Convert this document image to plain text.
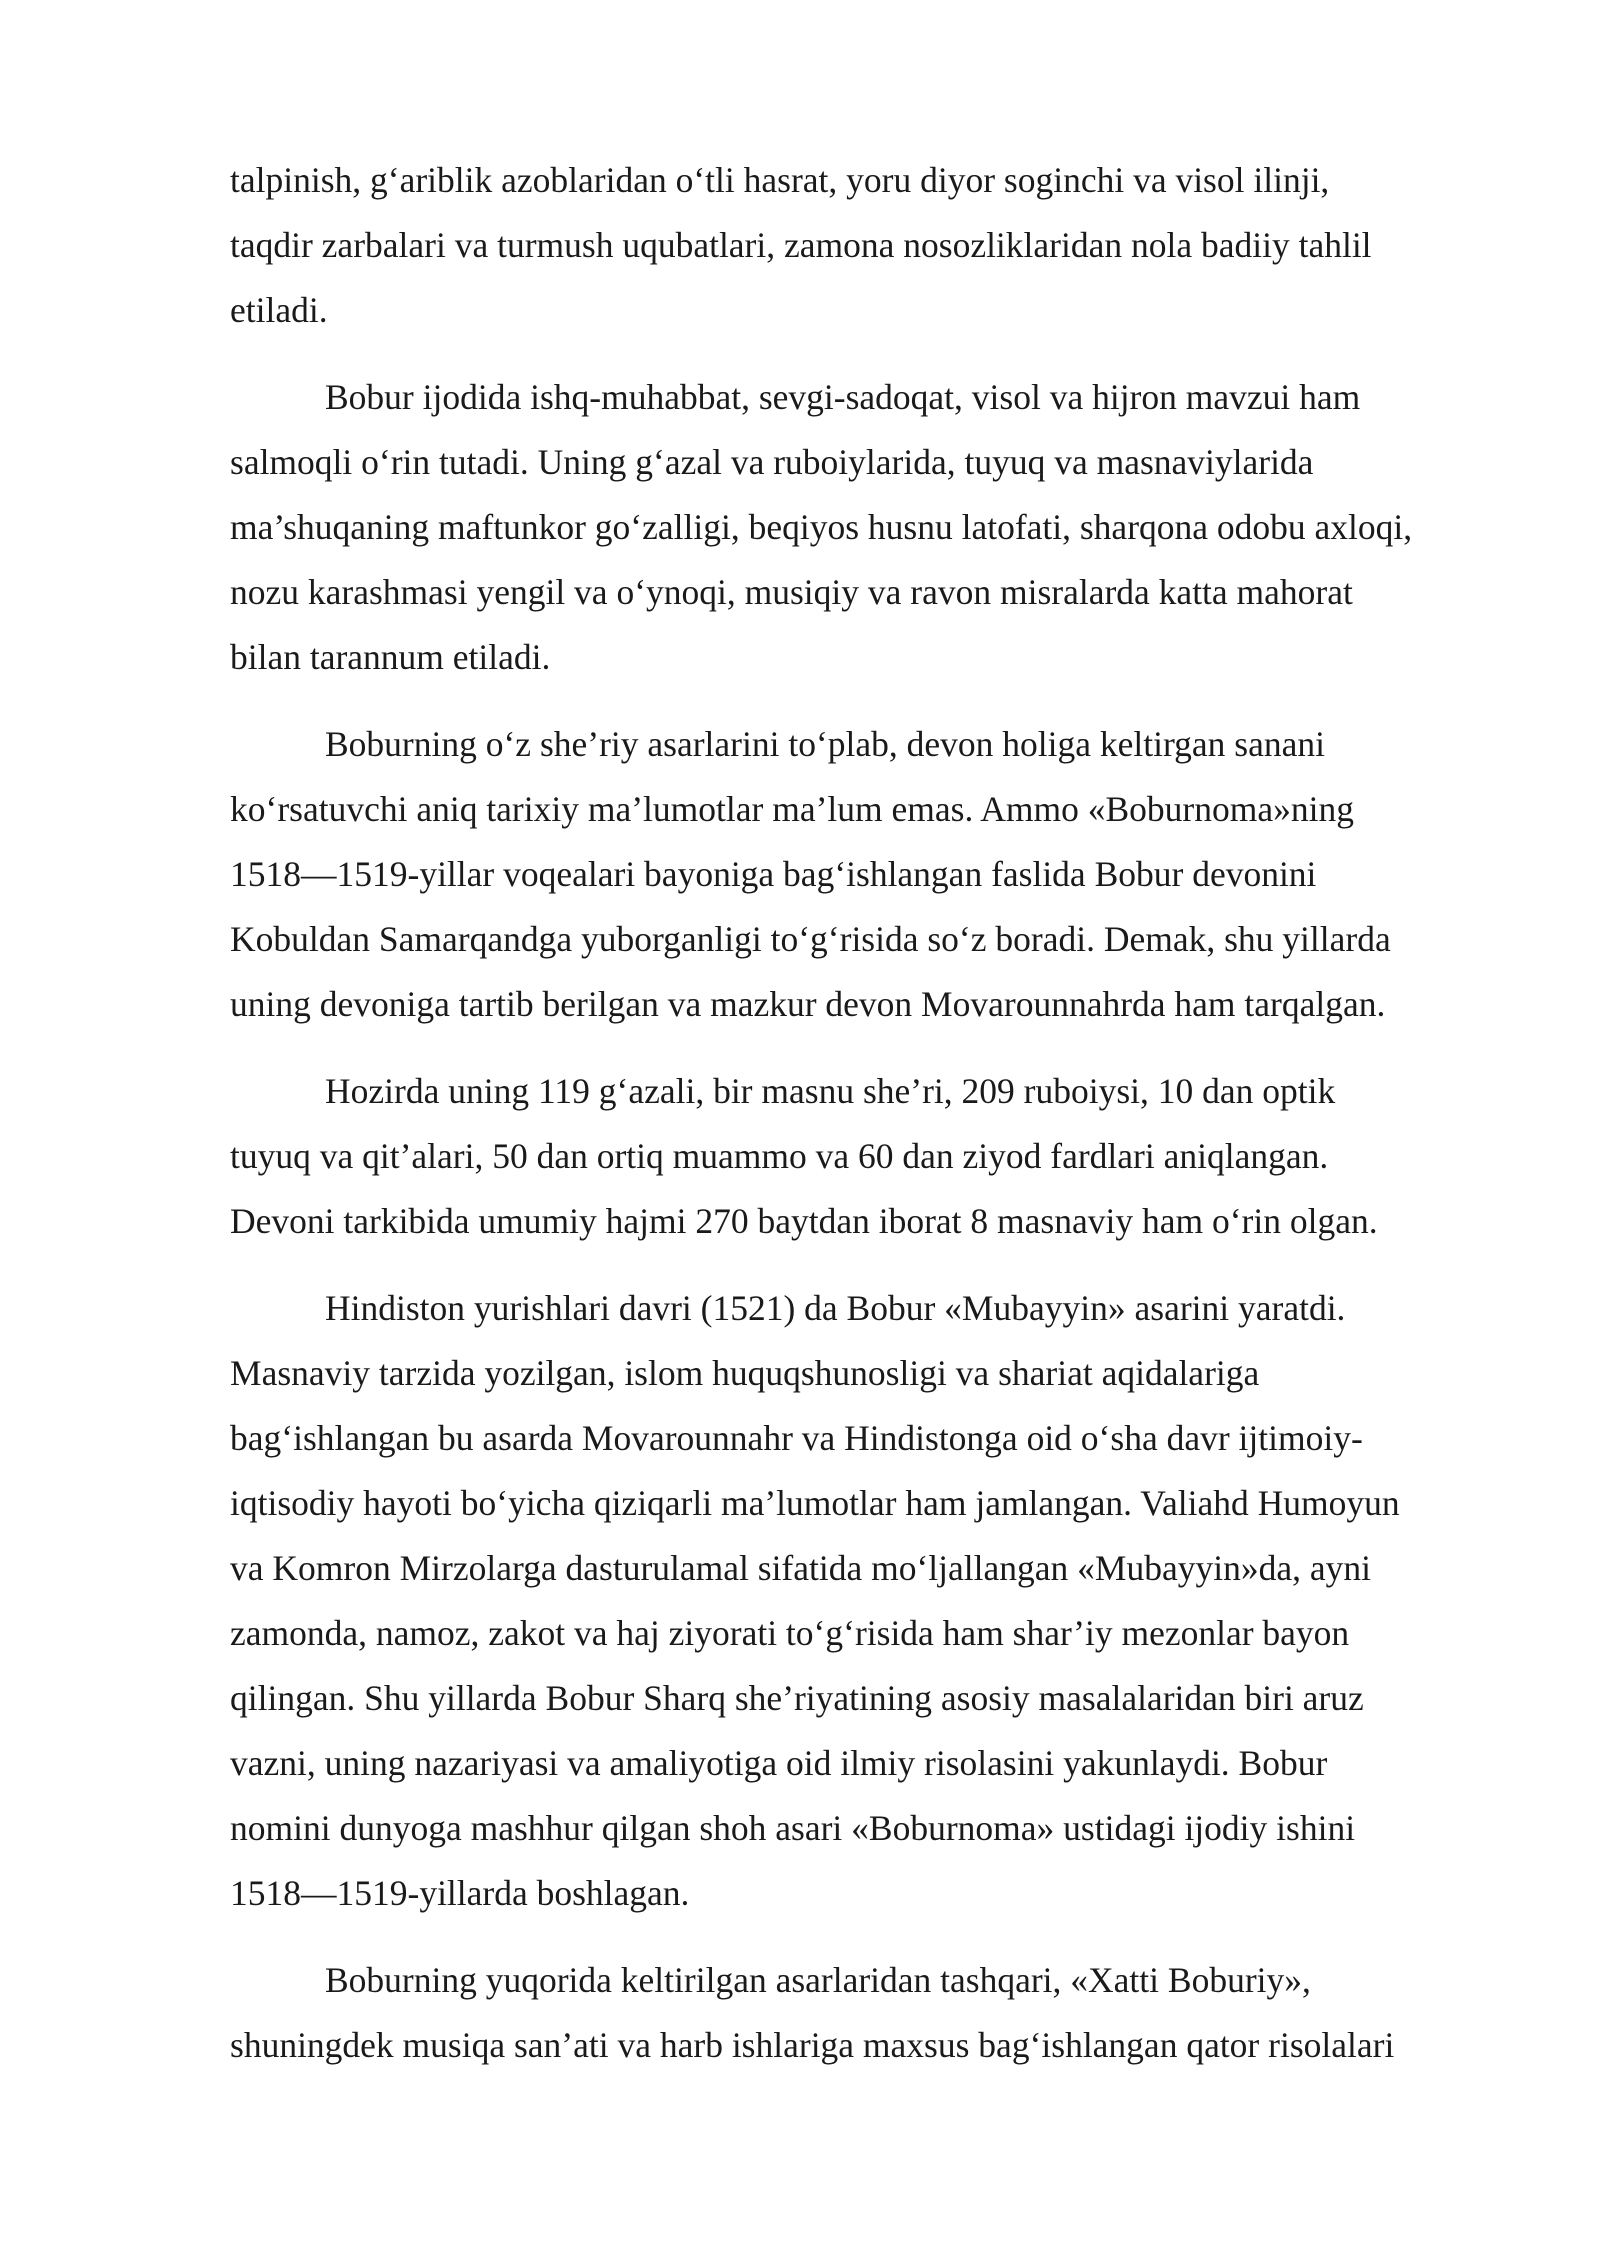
talpinish, g‘ariblik azoblaridan o‘tli hasrat, yoru diyor soginchi va visol ilinji,
taqdir zarbalari va turmush uqubatlari, zamona nosozliklaridan nola badiiy tahlil
etiladi.
Bobur ijodida ishq-muhabbat, sevgi-sadoqat, visol va hijron mavzui ham
salmoqli o‘rin tutadi. Uning g‘azal va ruboiylarida, tuyuq va masnaviylarida
ma’shuqaning maftunkor go‘zalligi, beqiyos husnu latofati, sharqona odobu axloqi,
nozu karashmasi yengil va o‘ynoqi, musiqiy va ravon misralarda katta mahorat
bilan tarannum etiladi.
Boburning o‘z she’riy asarlarini to‘plab, devon holiga keltirgan sanani
ko‘rsatuvchi aniq tarixiy ma’lumotlar ma’lum emas. Ammo «Boburnoma»ning
1518—1519-yillar voqealari bayoniga bag‘ishlangan faslida Bobur devonini
Kobuldan Samarqandga yuborganligi to‘g‘risida so‘z boradi. Demak, shu yillarda
uning devoniga tartib berilgan va mazkur devon Movarounnahrda ham tarqalgan.
Hozirda uning 119 g‘azali, bir masnu she’ri, 209 ruboiysi, 10 dan optik
tuyuq va qit’alari, 50 dan ortiq muammo va 60 dan ziyod fardlari aniqlangan.
Devoni tarkibida umumiy hajmi 270 baytdan iborat 8 masnaviy ham o‘rin olgan.
Hindiston yurishlari davri (1521) da Bobur «Mubayyin» asarini yaratdi.
Masnaviy tarzida yozilgan, islom huquqshunosligi va shariat aqidalariga
bag‘ishlangan bu asarda Movarounnahr va Hindistonga oid o‘sha davr ijtimoiy-
iqtisodiy hayoti bo‘yicha qiziqarli ma’lumotlar ham jamlangan. Valiahd Humoyun
va Komron Mirzolarga dasturulamal sifatida mo‘ljallangan «Mubayyin»da, ayni
zamonda, namoz, zakot va haj ziyorati to‘g‘risida ham shar’iy mezonlar bayon
qilingan. Shu yillarda Bobur Sharq she’riyatining asosiy masalalaridan biri aruz
vazni, uning nazariyasi va amaliyotiga oid ilmiy risolasini yakunlaydi. Bobur
nomini dunyoga mashhur qilgan shoh asari «Boburnoma» ustidagi ijodiy ishini
1518—1519-yillarda boshlagan.
Boburning yuqorida keltirilgan asarlaridan tashqari, «Xatti Boburiy»,
shuningdek musiqa san’ati va harb ishlariga maxsus bag‘ishlangan qator risolalari
